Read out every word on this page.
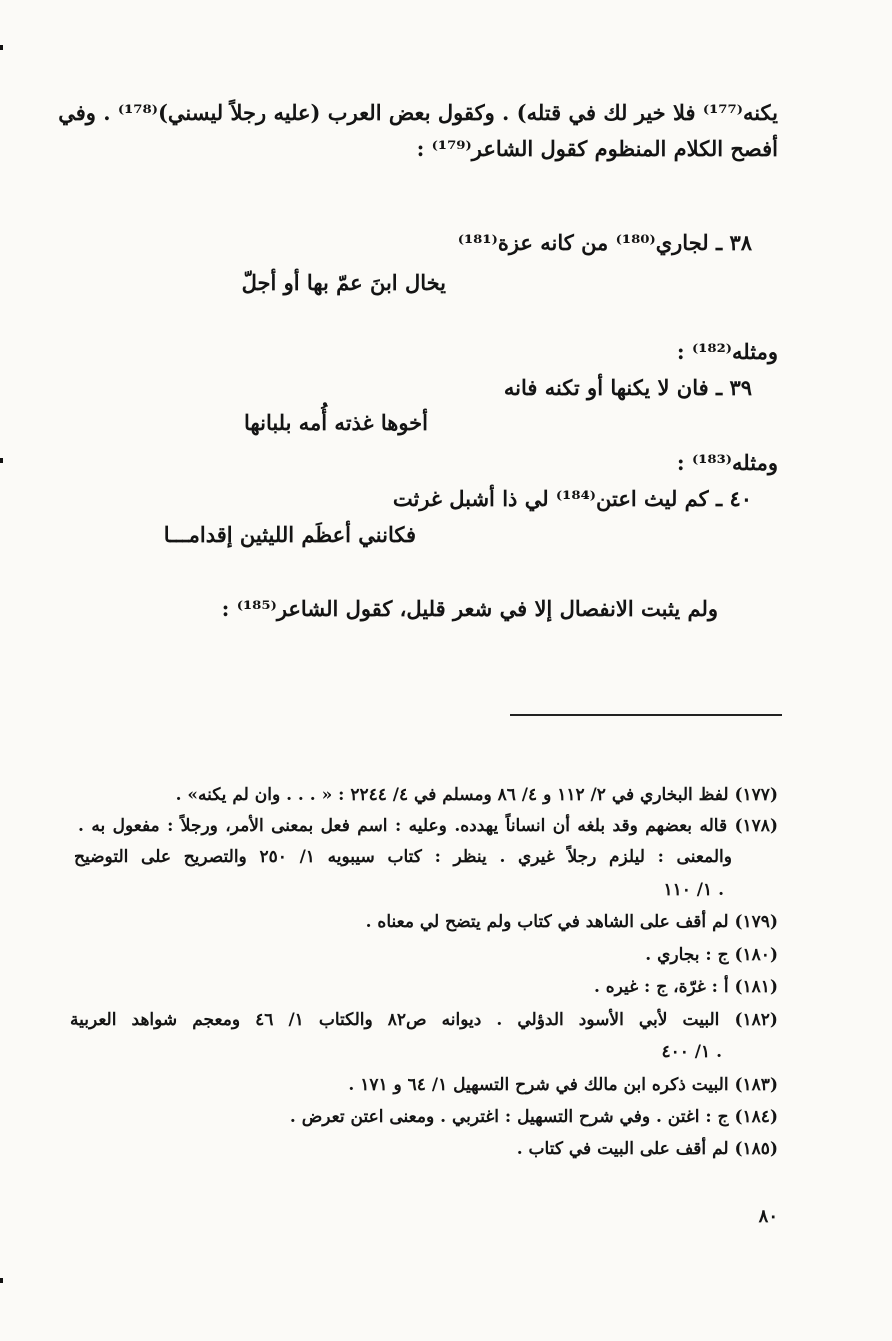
يكنه⁽¹⁷⁷⁾ فلا خير لك في قتله) . وكقول بعض العرب (عليه رجلاً ليسني)⁽¹⁷⁸⁾ . وفي
أفصح الكلام المنظوم كقول الشاعر⁽¹⁷⁹⁾ :
٣٨ ـ لجاري⁽¹⁸⁰⁾ من كانه عزة⁽¹⁸¹⁾
يخال ابنَ عمّ بها أو أجلّ
ومثله⁽¹⁸²⁾ :
٣٩ ـ فان لا يكنها أو تكنه فانه
أخوها غذته أُمه بلبانها
ومثله⁽¹⁸³⁾ :
٤٠ ـ كم ليث اعتن⁽¹⁸⁴⁾ لي ذا أشبل غرثت
فكانني أعظَم الليثين إقدامـــا
ولم يثبت الانفصال إلا في شعر قليل، كقول الشاعر⁽¹⁸⁵⁾ :
(١٧٧) لفظ البخاري في ٢/ ١١٢ و ٤/ ٨٦ ومسلم في ٤/ ٢٢٤٤ : « . . . وان لم يكنه» .
(١٧٨) قاله بعضهم وقد بلغه أن انساناً يهدده. وعليه : اسم فعل بمعنى الأمر، ورجلاً : مفعول به .
والمعنى : ليلزم رجلاً غيري . ينظر : كتاب سيبويه ١/ ٢٥٠ والتصريح على التوضيح
١/ ١١٠ .
(١٧٩) لم أقف على الشاهد في كتاب ولم يتضح لي معناه .
(١٨٠) ج : بجاري .
(١٨١) أ : غرّة، ج : غيره .
(١٨٢) البيت لأبي الأسود الدؤلي . ديوانه ص٨٢ والكتاب ١/ ٤٦ ومعجم شواهد العربية
١/ ٤٠٠ .
(١٨٣) البيت ذكره ابن مالك في شرح التسهيل ١/ ٦٤ و ١٧١ .
(١٨٤) ج : اغتن . وفي شرح التسهيل : اغتربي . ومعنى اعتن تعرض .
(١٨٥) لم أقف على البيت في كتاب .
٨٠
